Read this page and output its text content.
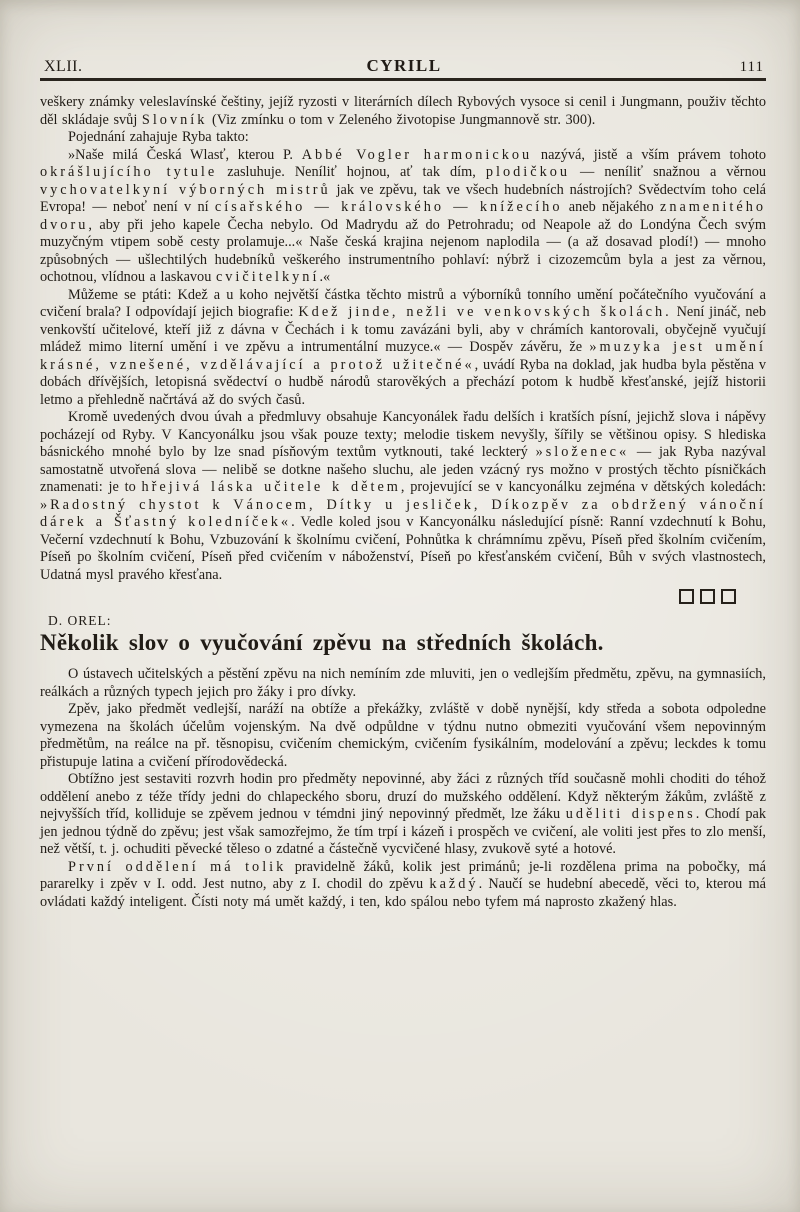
XLII.	CYRILL	111

veškery známky veleslavínské češtiny, jejíž ryzosti v literárních dílech Rybových vysoce si cenil i Jungmann, použiv těchto děl skládaje svůj Slovník (Viz zmínku o tom v Zeleného životopise Jungmannově str. 300).

Pojednání zahajuje Ryba takto:

»Naše milá Česká Wlasť, kterou P. Abbé Vogler harmonickou nazývá, jistě a vším právem tohoto okrášlujícího tytule zasluhuje. Neníliť hojnou, ať tak dím, plodičkou — neníliť snažnou a věrnou vychovatelkyní výborných mistrů jak ve zpěvu, tak ve všech hudebních nástrojích? Svědectvím toho celá Evropa! — neboť není v ní císařského — královského — knížecího aneb nějakého znamenitého dvoru, aby při jeho kapele Čecha nebylo. Od Madrydu až do Petrohradu; od Neapole až do Londýna Čech svým muzyčným vtipem sobě cesty prolamuje...« Naše česká krajina nejenom naplodila — (a až dosavad plodí!) — mnoho způsobných — ušlechtilých hudebníků veškerého instrumentního pohlaví: nýbrž i cizozemcům byla a jest za věrnou, ochotnou, vlídnou a laskavou cvičitelkyní.«

Můžeme se ptáti: Kdež a u koho největší částka těchto mistrů a výborníků tonního umění počátečního vyučování a cvičení brala? I odpovídají jejich biografie: Kdež jinde, nežli ve venkovských školách. Není jináč, neb venkovští učitelové, kteří již z dávna v Čechách i k tomu zavázáni byli, aby v chrámích kantorovali, obyčejně vyučují mládež mimo literní umění i ve zpěvu a intrumentální muzyce.« — Dospěv závěru, že »muzyka jest umění krásné, vznešené, vzdělávající a protož užitečné«, uvádí Ryba na doklad, jak hudba byla pěstěna v dobách dřívějších, letopisná svědectví o hudbě národů starověkých a přechází potom k hudbě křesťanské, jejíž historii letmo a přehledně načrtává až do svých časů.

Kromě uvedených dvou úvah a předmluvy obsahuje Kancyonálek řadu delších i kratších písní, jejichž slova i nápěvy pocházejí od Ryby. V Kancyonálku jsou však pouze texty; melodie tiskem nevyšly, šířily se většinou opisy. S hlediska básnického mnohé bylo by lze snad písňovým textům vytknouti, také leckterý »složenec« — jak Ryba nazýval samostatně utvořená slova — nelibě se dotkne našeho sluchu, ale jeden vzácný rys možno v prostých těchto písničkách znamenati: je to hřejivá láska učitele k dětem, projevující se v kancyonálku zejména v dětských koledách: »Radostný chystot k Vánocem, Dítky u jesliček, Díkozpěv za obdržený vánoční dárek a Šťastný koledníček«. Vedle koled jsou v Kancyonálku následující písně: Ranní vzdechnutí k Bohu, Večerní vzdechnutí k Bohu, Vzbuzování k školnímu cvičení, Pohnůtka k chrámnímu zpěvu, Píseň před školním cvičením, Píseň po školním cvičení, Píseň před cvičením v náboženství, Píseň po křesťanském cvičení, Bůh v svých vlastnostech, Udatná mysl pravého křesťana.

D. OREL:
Několik slov o vyučování zpěvu na středních školách.

O ústavech učitelských a pěstění zpěvu na nich nemíním zde mluviti, jen o vedlejším předmětu, zpěvu, na gymnasiích, reálkách a různých typech jejich pro žáky i pro dívky.

Zpěv, jako předmět vedlejší, naráží na obtíže a překážky, zvláště v době nynější, kdy středa a sobota odpoledne vymezena na školách účelům vojenským. Na dvě odpůldne v týdnu nutno obmeziti vyučování všem nepovinným předmětům, na reálce na př. těsnopisu, cvičením chemickým, cvičením fysikálním, modelování a zpěvu; leckdes k tomu přistupuje latina a cvičení přírodovědecká.

Obtížno jest sestaviti rozvrh hodin pro předměty nepovinné, aby žáci z různých tříd současně mohli choditi do téhož oddělení anebo z téže třídy jedni do chlapeckého sboru, druzí do mužského oddělení. Když některým žákům, zvláště z nejvyšších tříd, kolliduje se zpěvem jednou v témdni jiný nepovinný předmět, lze žáku uděliti dispens. Chodí pak jen jednou týdně do zpěvu; jest však samozřejmo, že tím trpí i kázeň i prospěch ve cvičení, ale voliti jest přes to zlo menší, než větší, t. j. ochuditi pěvecké těleso o zdatné a částečně vycvičené hlasy, zvukově syté a hotové.

První oddělení má tolik pravidelně žáků, kolik jest primánů; je-li rozdělena prima na pobočky, má pararelky i zpěv v I. odd. Jest nutno, aby z I. chodil do zpěvu každý. Naučí se hudební abecedě, věci to, kterou má ovládati každý inteligent. Čísti noty má umět každý, i ten, kdo spálou nebo tyfem má naprosto zkažený hlas.
